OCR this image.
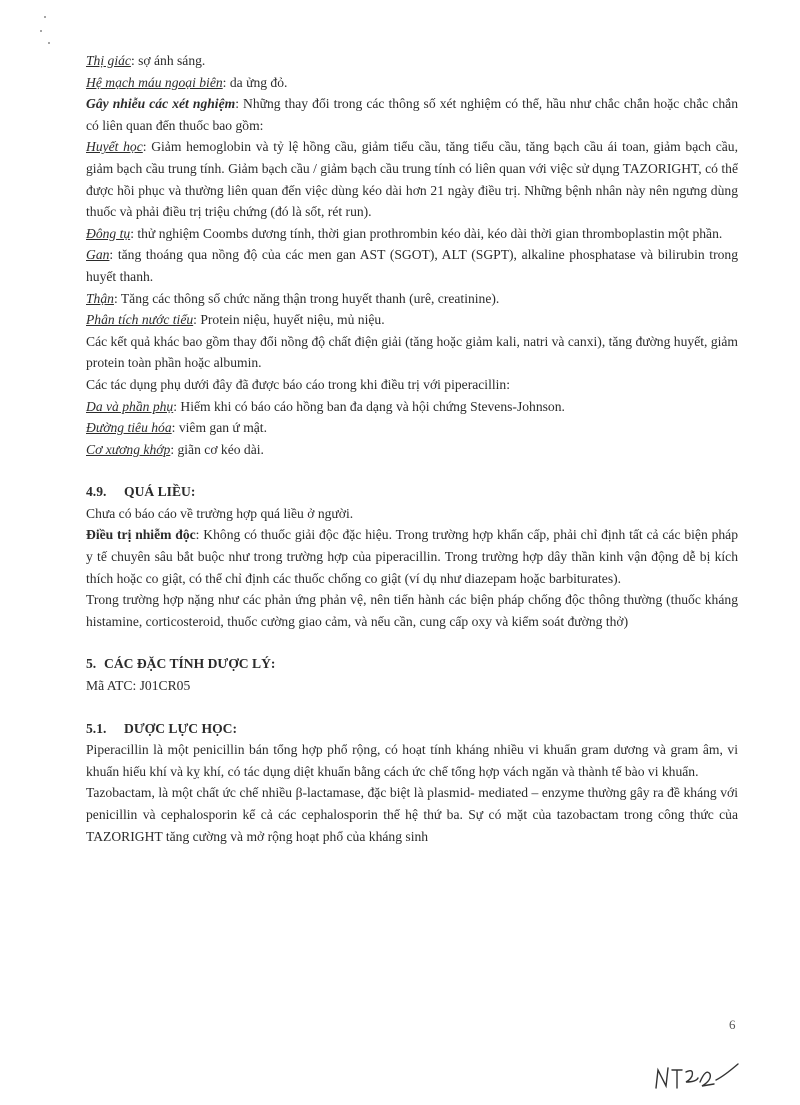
Thị giác: sợ ánh sáng.

Hệ mạch máu ngoại biên: da ửng đỏ.

Gây nhiễu các xét nghiệm: Những thay đổi trong các thông số xét nghiệm có thể, hầu như chắc chắn hoặc chắc chắn có liên quan đến thuốc bao gồm:

Huyết học: Giảm hemoglobin và tỷ lệ hồng cầu, giảm tiểu cầu, tăng tiểu cầu, tăng bạch cầu ái toan, giảm bạch cầu, giảm bạch cầu trung tính. Giảm bạch cầu / giảm bạch cầu trung tính có liên quan với việc sử dụng TAZORIGHT, có thể được hồi phục và thường liên quan đến việc dùng kéo dài hơn 21 ngày điều trị. Những bệnh nhân này nên ngưng dùng thuốc và phải điều trị triệu chứng (đó là sốt, rét run).

Đông tụ: thử nghiệm Coombs dương tính, thời gian prothrombin kéo dài, kéo dài thời gian thromboplastin một phần.

Gan: tăng thoáng qua nồng độ của các men gan AST (SGOT), ALT (SGPT), alkaline phosphatase và bilirubin trong huyết thanh.

Thận: Tăng các thông số chức năng thận trong huyết thanh (urê, creatinine).

Phân tích nước tiểu: Protein niệu, huyết niệu, mủ niệu.

Các kết quả khác bao gồm thay đổi nồng độ chất điện giải (tăng hoặc giảm kali, natri và canxi), tăng đường huyết, giảm protein toàn phần hoặc albumin.

Các tác dụng phụ dưới đây đã được báo cáo trong khi điều trị với piperacillin:

Da và phần phụ: Hiếm khi có báo cáo hồng ban đa dạng và hội chứng Stevens-Johnson.

Đường tiêu hóa: viêm gan ứ mật.

Cơ xương khớp: giãn cơ kéo dài.

4.9. QUÁ LIỀU:

Chưa có báo cáo về trường hợp quá liều ở người.

Điều trị nhiễm độc: Không có thuốc giải độc đặc hiệu. Trong trường hợp khẩn cấp, phải chỉ định tất cả các biện pháp y tế chuyên sâu bắt buộc như trong trường hợp của piperacillin. Trong trường hợp dây thần kinh vận động dễ bị kích thích hoặc co giật, có thể chỉ định các thuốc chống co giật (ví dụ như diazepam hoặc barbiturates).

Trong trường hợp nặng như các phản ứng phản vệ, nên tiến hành các biện pháp chống độc thông thường (thuốc kháng histamine, corticosteroid, thuốc cường giao cảm, và nếu cần, cung cấp oxy và kiểm soát đường thở)

5. CÁC ĐẶC TÍNH DƯỢC LÝ:

Mã ATC: J01CR05

5.1. DƯỢC LỰC HỌC:

Piperacillin là một penicillin bán tổng hợp phổ rộng, có hoạt tính kháng nhiều vi khuẩn gram dương và gram âm, vi khuẩn hiếu khí và kỵ khí, có tác dụng diệt khuẩn bằng cách ức chế tổng hợp vách ngăn và thành tế bào vi khuẩn.

Tazobactam, là một chất ức chế nhiều β-lactamase, đặc biệt là plasmid- mediated – enzyme thường gây ra đề kháng với penicillin và cephalosporin kể cả các cephalosporin thế hệ thứ ba. Sự có mặt của tazobactam trong công thức của TAZORIGHT tăng cường và mở rộng hoạt phổ của kháng sinh

6
